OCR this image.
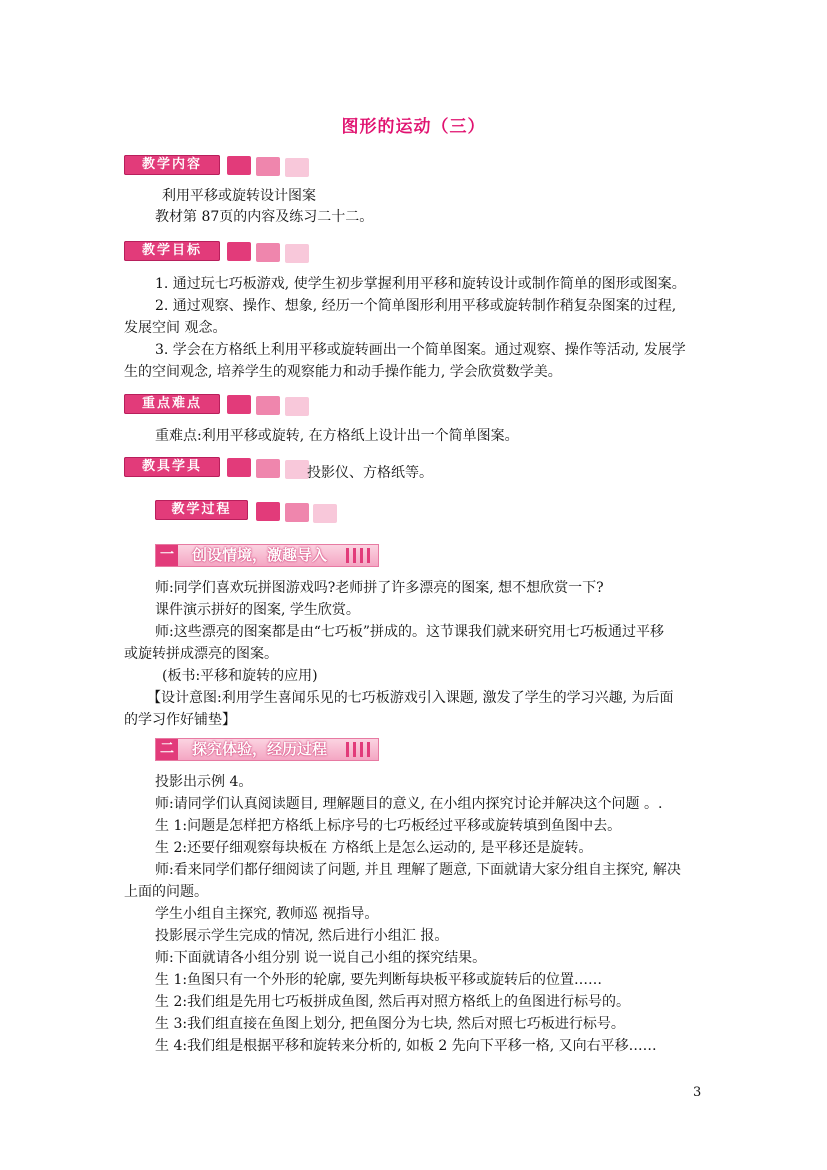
图形的运动（三）
教学内容
利用平移或旋转设计图案
教材第 87页的内容及练习二十二。
教学目标
1. 通过玩七巧板游戏, 使学生初步掌握利用平移和旋转设计或制作简单的图形或图案。
2. 通过观察、操作、想象, 经历一个简单图形利用平移或旋转制作稍复杂图案的过程,
发展空间 观念。
3. 学会在方格纸上利用平移或旋转画出一个简单图案。通过观察、操作等活动, 发展学
生的空间观念, 培养学生的观察能力和动手操作能力, 学会欣赏数学美。
重点难点
重难点:利用平移或旋转, 在方格纸上设计出一个简单图案。
教具学具	投影仪、方格纸等。
教学过程
一 创设情境，激趣导入
师:同学们喜欢玩拼图游戏吗?老师拼了许多漂亮的图案, 想不想欣赏一下?
课件演示拼好的图案, 学生欣赏。
师:这些漂亮的图案都是由“七巧板”拼成的。这节课我们就来研究用七巧板通过平移
或旋转拼成漂亮的图案。
(板书:平移和旋转的应用)
【设计意图:利用学生喜闻乐见的七巧板游戏引入课题, 激发了学生的学习兴趣, 为后面
的学习作好铺垫】
二 探究体验，经历过程
投影出示例 4。
师:请同学们认真阅读题目, 理解题目的意义, 在小组内探究讨论并解决这个问题 。.
生 1:问题是怎样把方格纸上标序号的七巧板经过平移或旋转填到鱼图中去。
生 2:还要仔细观察每块板在 方格纸上是怎么运动的, 是平移还是旋转。
师:看来同学们都仔细阅读了问题, 并且 理解了题意, 下面就请大家分组自主探究, 解决
上面的问题。
学生小组自主探究, 教师巡 视指导。
投影展示学生完成的情况, 然后进行小组汇 报。
师:下面就请各小组分别 说一说自己小组的探究结果。
生 1:鱼图只有一个外形的轮廓, 要先判断每块板平移或旋转后的位置……
生 2:我们组是先用七巧板拼成鱼图, 然后再对照方格纸上的鱼图进行标号的。
生 3:我们组直接在鱼图上划分, 把鱼图分为七块, 然后对照七巧板进行标号。
生 4:我们组是根据平移和旋转来分析的, 如板 2 先向下平移一格, 又向右平移……
3
